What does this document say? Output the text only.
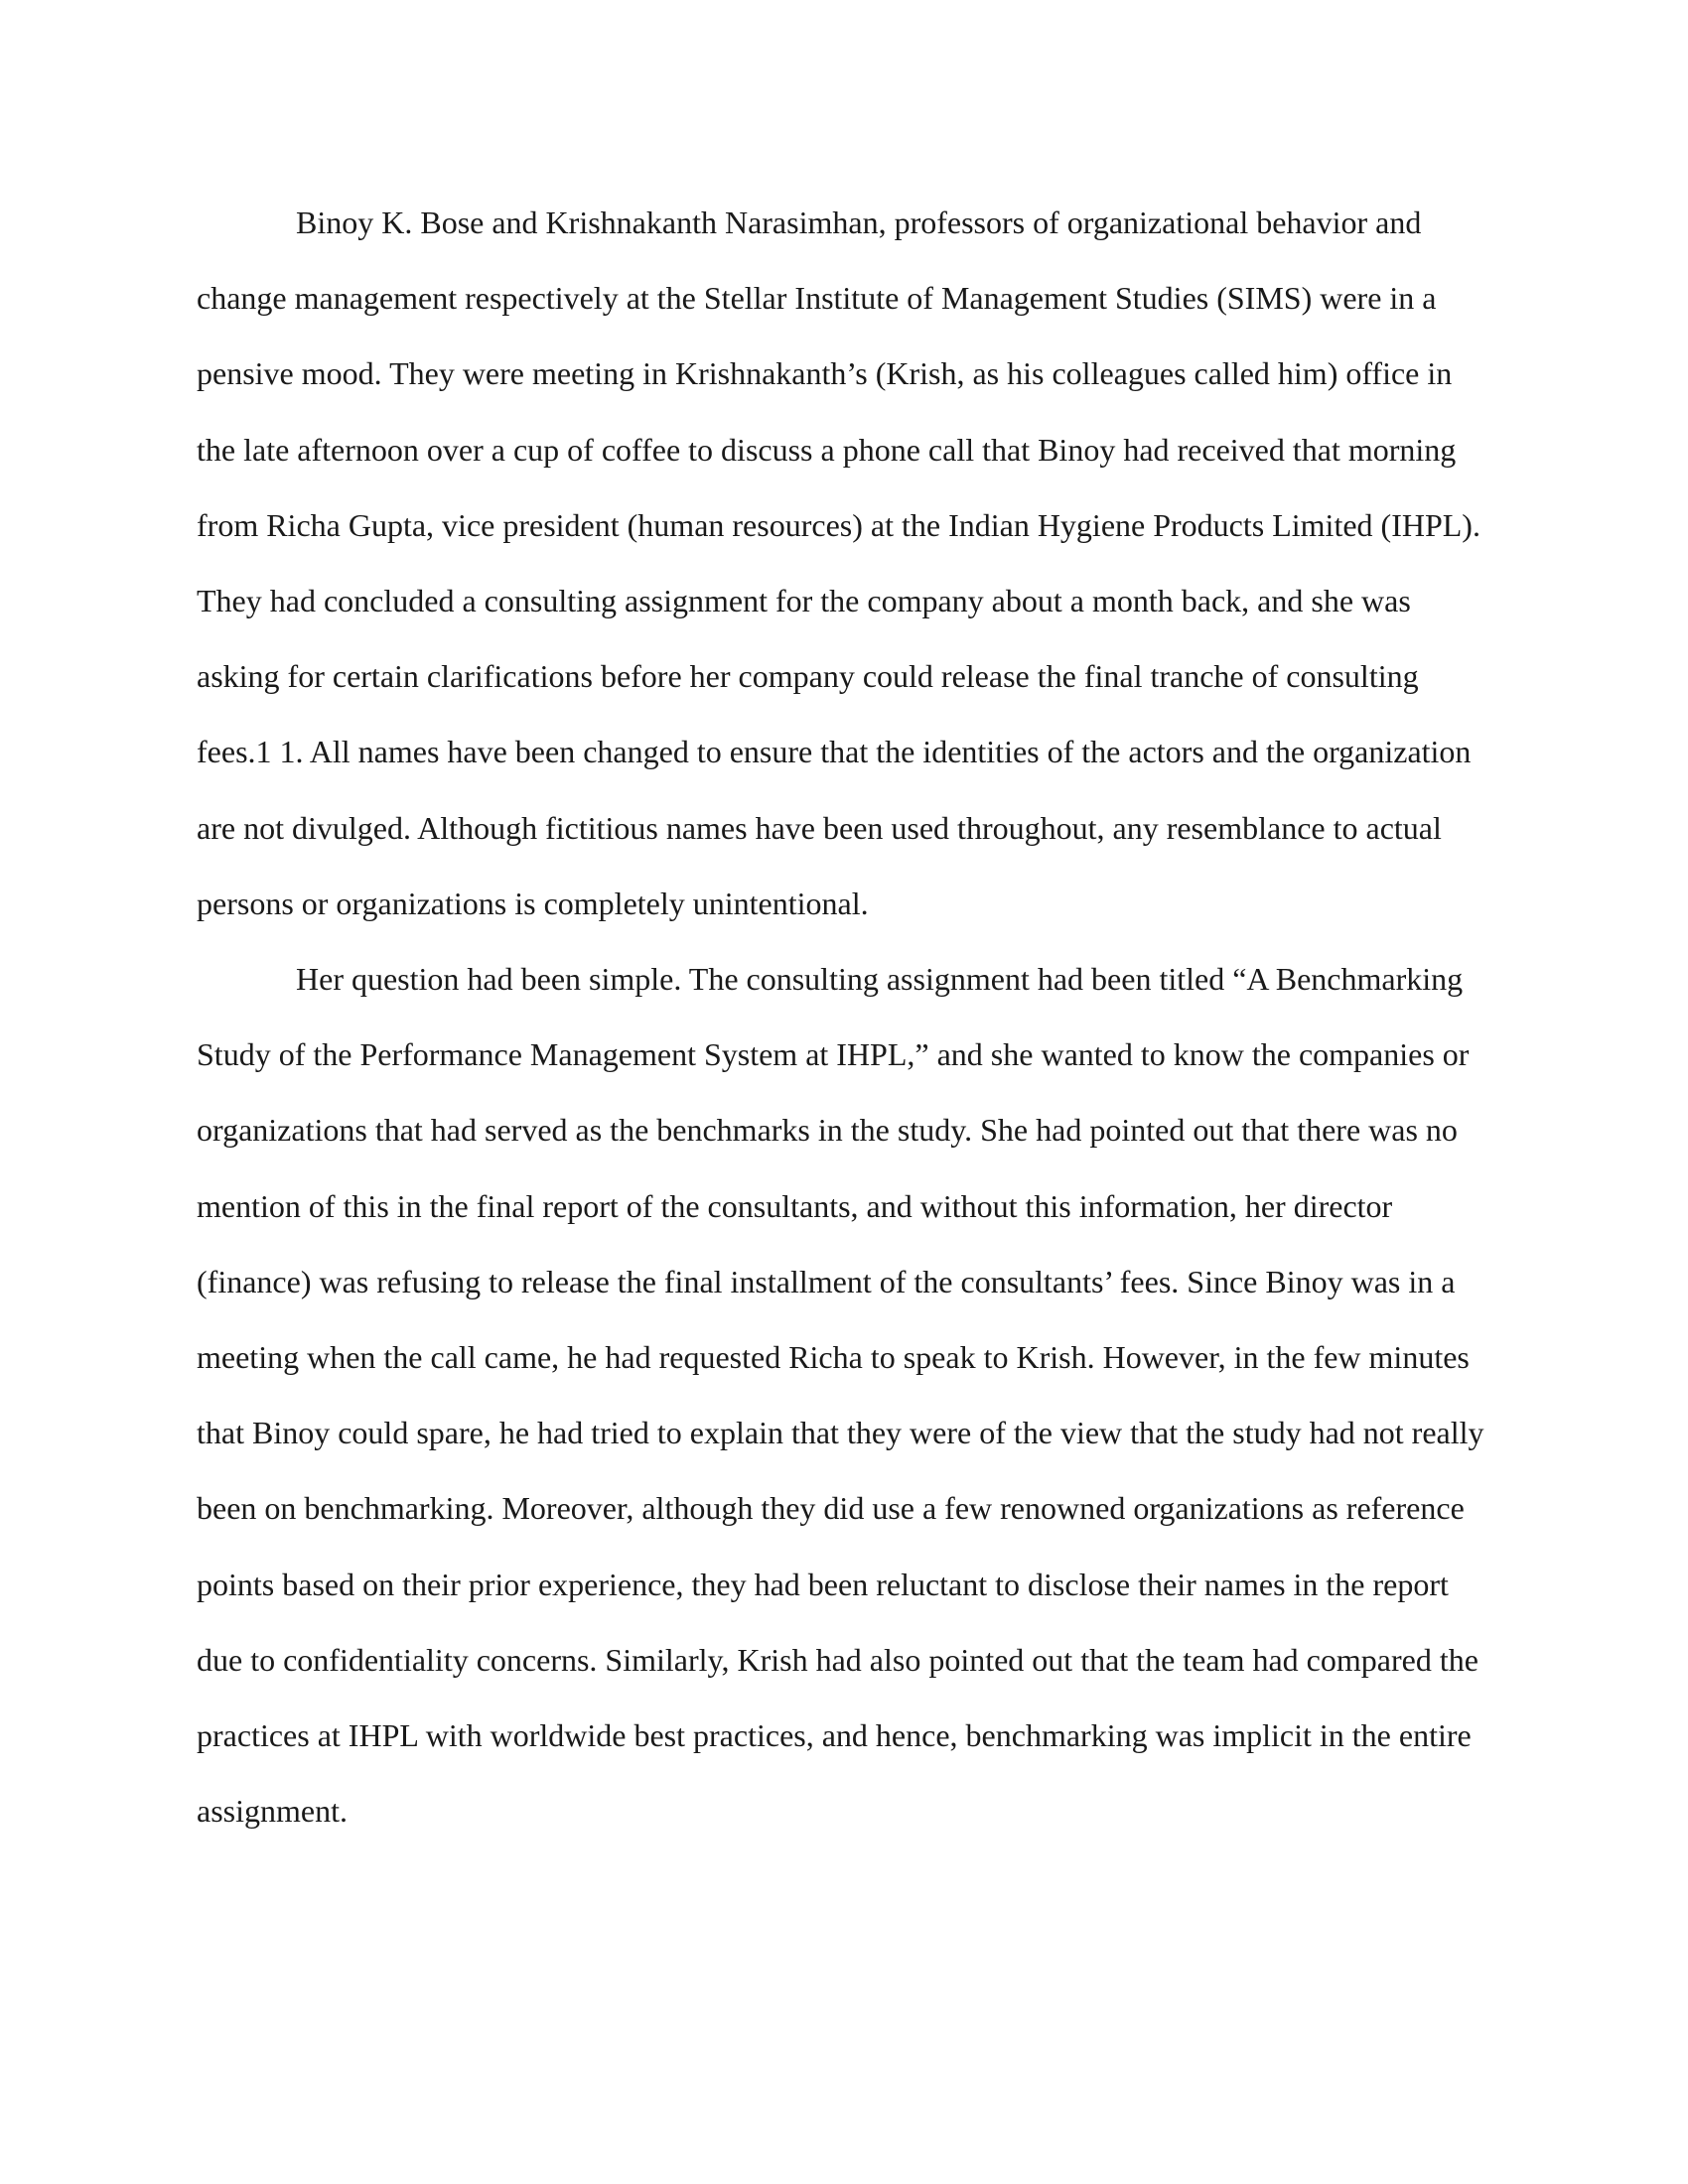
Binoy K. Bose and Krishnakanth Narasimhan, professors of organizational behavior and change management respectively at the Stellar Institute of Management Studies (SIMS) were in a pensive mood. They were meeting in Krishnakanth’s (Krish, as his colleagues called him) office in the late afternoon over a cup of coffee to discuss a phone call that Binoy had received that morning from Richa Gupta, vice president (human resources) at the Indian Hygiene Products Limited (IHPL). They had concluded a consulting assignment for the company about a month back, and she was asking for certain clarifications before her company could release the final tranche of consulting fees.1 1. All names have been changed to ensure that the identities of the actors and the organization are not divulged. Although fictitious names have been used throughout, any resemblance to actual persons or organizations is completely unintentional.

Her question had been simple. The consulting assignment had been titled “A Benchmarking Study of the Performance Management System at IHPL,” and she wanted to know the companies or organizations that had served as the benchmarks in the study. She had pointed out that there was no mention of this in the final report of the consultants, and without this information, her director (finance) was refusing to release the final installment of the consultants’ fees. Since Binoy was in a meeting when the call came, he had requested Richa to speak to Krish. However, in the few minutes that Binoy could spare, he had tried to explain that they were of the view that the study had not really been on benchmarking. Moreover, although they did use a few renowned organizations as reference points based on their prior experience, they had been reluctant to disclose their names in the report due to confidentiality concerns. Similarly, Krish had also pointed out that the team had compared the practices at IHPL with worldwide best practices, and hence, benchmarking was implicit in the entire assignment.
